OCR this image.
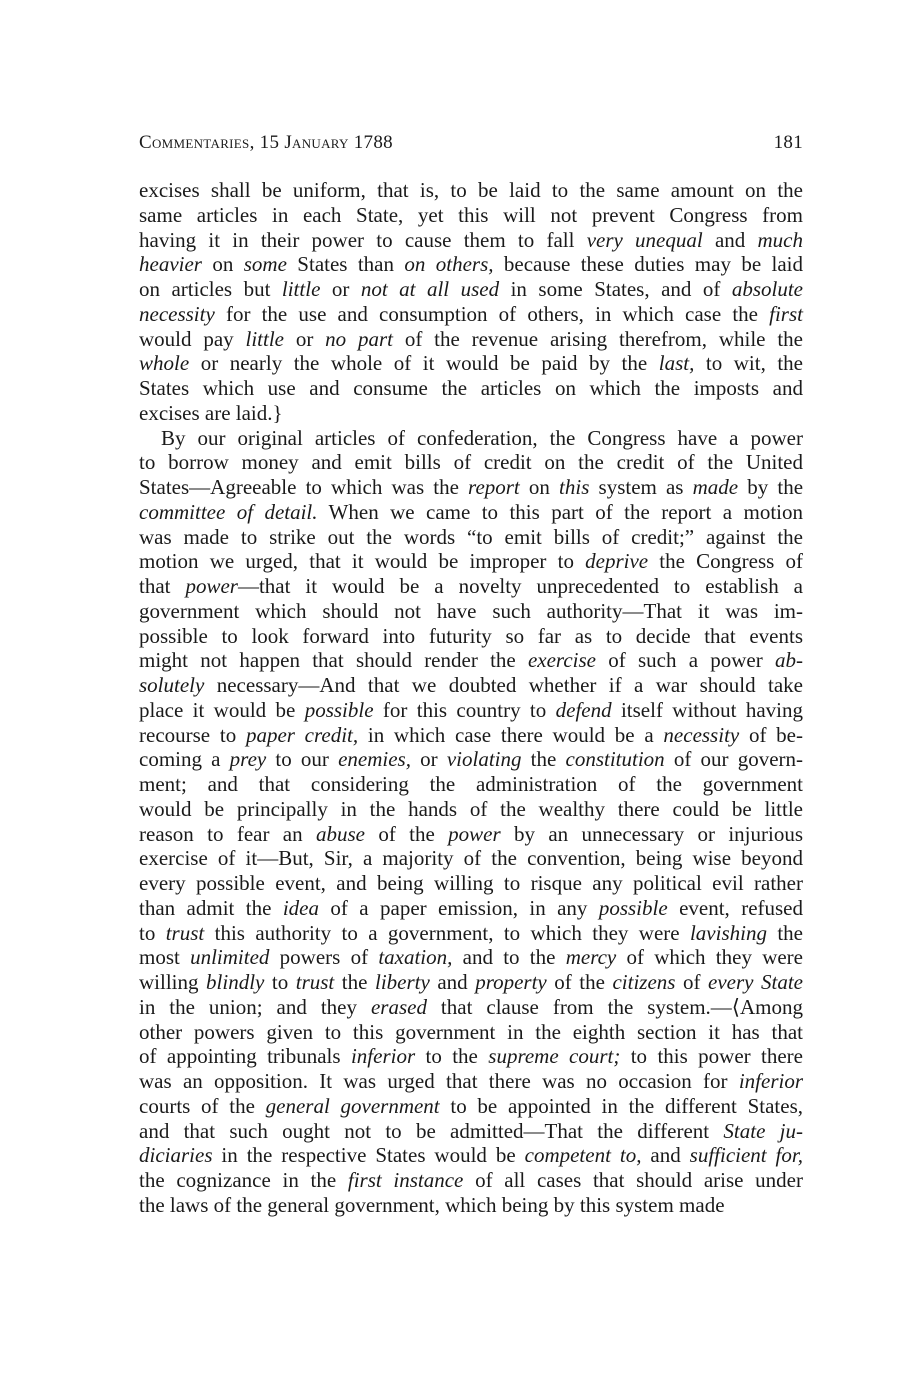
Commentaries, 15 January 1788	181
excises shall be uniform, that is, to be laid to the same amount on the
same articles in each State, yet this will not prevent Congress from
having it in their power to cause them to fall very unequal and much
heavier on some States than on others, because these duties may be laid
on articles but little or not at all used in some States, and of absolute
necessity for the use and consumption of others, in which case the first
would pay little or no part of the revenue arising therefrom, while the
whole or nearly the whole of it would be paid by the last, to wit, the
States which use and consume the articles on which the imposts and
excises are laid.}
By our original articles of confederation, the Congress have a power
to borrow money and emit bills of credit on the credit of the United
States—Agreeable to which was the report on this system as made by the
committee of detail. When we came to this part of the report a motion
was made to strike out the words “to emit bills of credit;” against the
motion we urged, that it would be improper to deprive the Congress of
that power—that it would be a novelty unprecedented to establish a
government which should not have such authority—That it was im-
possible to look forward into futurity so far as to decide that events
might not happen that should render the exercise of such a power ab-
solutely necessary—And that we doubted whether if a war should take
place it would be possible for this country to defend itself without having
recourse to paper credit, in which case there would be a necessity of be-
coming a prey to our enemies, or violating the constitution of our govern-
ment; and that considering the administration of the government
would be principally in the hands of the wealthy there could be little
reason to fear an abuse of the power by an unnecessary or injurious
exercise of it—But, Sir, a majority of the convention, being wise beyond
every possible event, and being willing to risque any political evil rather
than admit the idea of a paper emission, in any possible event, refused
to trust this authority to a government, to which they were lavishing the
most unlimited powers of taxation, and to the mercy of which they were
willing blindly to trust the liberty and property of the citizens of every State
in the union; and they erased that clause from the system.—⟨Among
other powers given to this government in the eighth section it has that
of appointing tribunals inferior to the supreme court; to this power there
was an opposition. It was urged that there was no occasion for inferior
courts of the general government to be appointed in the different States,
and that such ought not to be admitted—That the different State ju-
diciaries in the respective States would be competent to, and sufficient for,
the cognizance in the first instance of all cases that should arise under
the laws of the general government, which being by this system made
